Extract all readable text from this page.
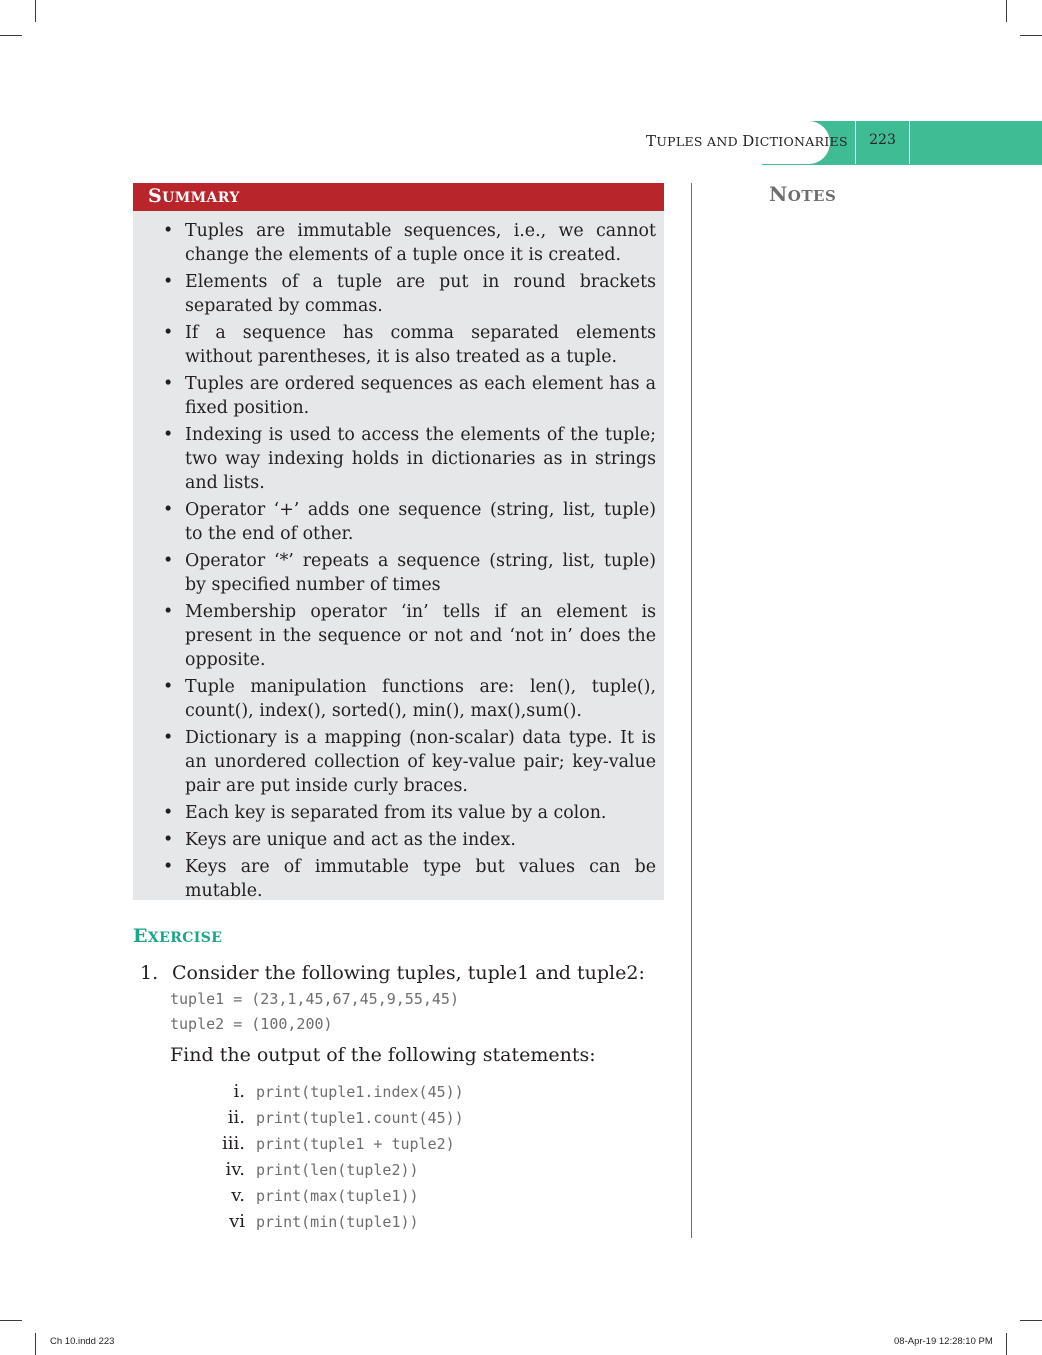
TUPLES AND DICTIONARIES	223
NOTES
SUMMARY
• Tuples are immutable sequences, i.e., we cannot change the elements of a tuple once it is created.
• Elements of a tuple are put in round brackets separated by commas.
• If a sequence has comma separated elements without parentheses, it is also treated as a tuple.
• Tuples are ordered sequences as each element has a fixed position.
• Indexing is used to access the elements of the tuple; two way indexing holds in dictionaries as in strings and lists.
• Operator ‘+’ adds one sequence (string, list, tuple) to the end of other.
• Operator ‘*’ repeats a sequence (string, list, tuple) by specified number of times
• Membership operator ‘in’ tells if an element is present in the sequence or not and ‘not in’ does the opposite.
• Tuple manipulation functions are: len(), tuple(), count(), index(), sorted(), min(), max(),sum().
• Dictionary is a mapping (non-scalar) data type. It is an unordered collection of key-value pair; key-value pair are put inside curly braces.
• Each key is separated from its value by a colon.
• Keys are unique and act as the index.
• Keys are of immutable type but values can be mutable.
EXERCISE
1. Consider the following tuples, tuple1 and tuple2:
tuple1 = (23,1,45,67,45,9,55,45)
tuple2 = (100,200)
Find the output of the following statements:
i. print(tuple1.index(45))
ii. print(tuple1.count(45))
iii. print(tuple1 + tuple2)
iv. print(len(tuple2))
v. print(max(tuple1))
vi print(min(tuple1))
Ch 10.indd 223	08-Apr-19 12:28:10 PM
